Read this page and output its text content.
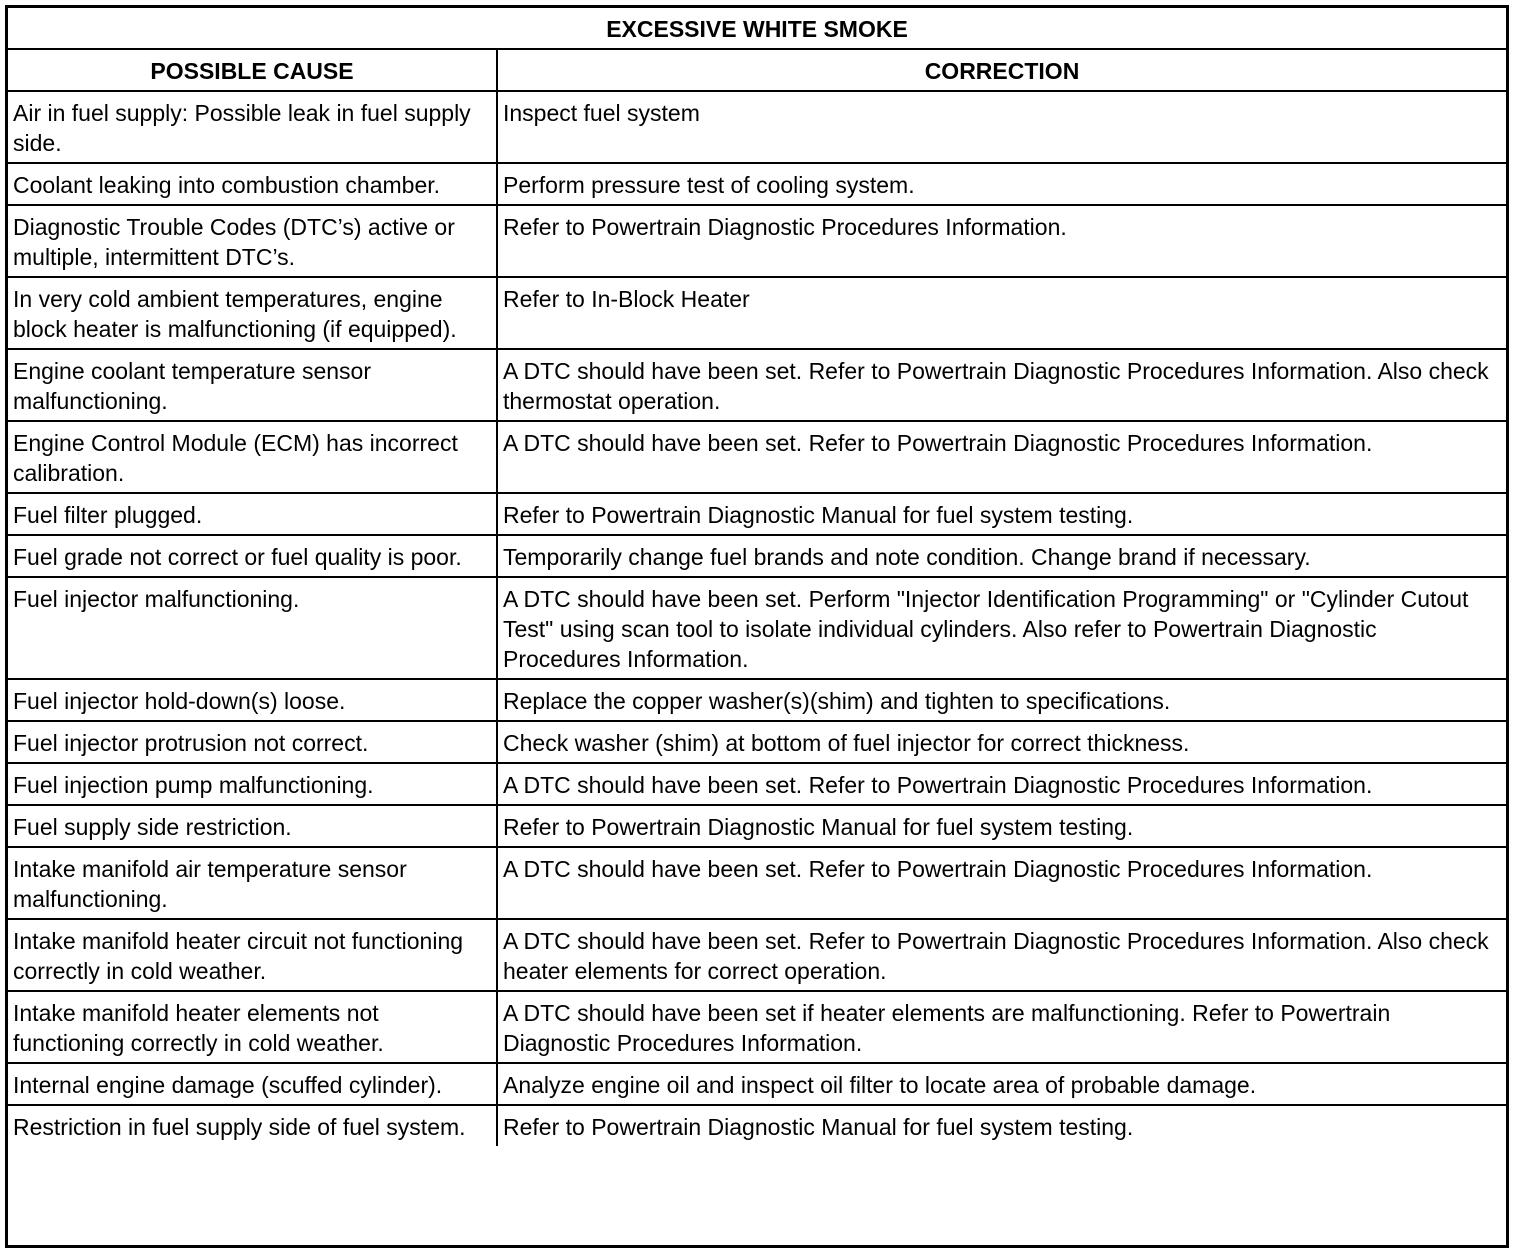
EXCESSIVE WHITE SMOKE	
POSSIBLE CAUSE	CORRECTION
Air in fuel supply: Possible leak in fuel supply side.	Inspect fuel system
Coolant leaking into combustion chamber.	Perform pressure test of cooling system.
Diagnostic Trouble Codes (DTC’s) active or multiple, intermittent DTC’s.	Refer to Powertrain Diagnostic Procedures Information.
In very cold ambient temperatures, engine block heater is malfunctioning (if equipped).	Refer to In-Block Heater
Engine coolant temperature sensor malfunctioning.	A DTC should have been set. Refer to Powertrain Diagnostic Procedures Information. Also check thermostat operation.
Engine Control Module (ECM) has incorrect calibration.	A DTC should have been set. Refer to Powertrain Diagnostic Procedures Information.
Fuel filter plugged.	Refer to Powertrain Diagnostic Manual for fuel system testing.
Fuel grade not correct or fuel quality is poor.	Temporarily change fuel brands and note condition. Change brand if necessary.
Fuel injector malfunctioning.	A DTC should have been set. Perform "Injector Identification Programming" or "Cylinder Cutout Test" using scan tool to isolate individual cylinders. Also refer to Powertrain Diagnostic Procedures Information.
Fuel injector hold-down(s) loose.	Replace the copper washer(s)(shim) and tighten to specifications.
Fuel injector protrusion not correct.	Check washer (shim) at bottom of fuel injector for correct thickness.
Fuel injection pump malfunctioning.	A DTC should have been set. Refer to Powertrain Diagnostic Procedures Information.
Fuel supply side restriction.	Refer to Powertrain Diagnostic Manual for fuel system testing.
Intake manifold air temperature sensor malfunctioning.	A DTC should have been set. Refer to Powertrain Diagnostic Procedures Information.
Intake manifold heater circuit not functioning correctly in cold weather.	A DTC should have been set. Refer to Powertrain Diagnostic Procedures Information. Also check heater elements for correct operation.
Intake manifold heater elements not functioning correctly in cold weather.	A DTC should have been set if heater elements are malfunctioning. Refer to Powertrain Diagnostic Procedures Information.
Internal engine damage (scuffed cylinder).	Analyze engine oil and inspect oil filter to locate area of probable damage.
Restriction in fuel supply side of fuel system.	Refer to Powertrain Diagnostic Manual for fuel system testing.
